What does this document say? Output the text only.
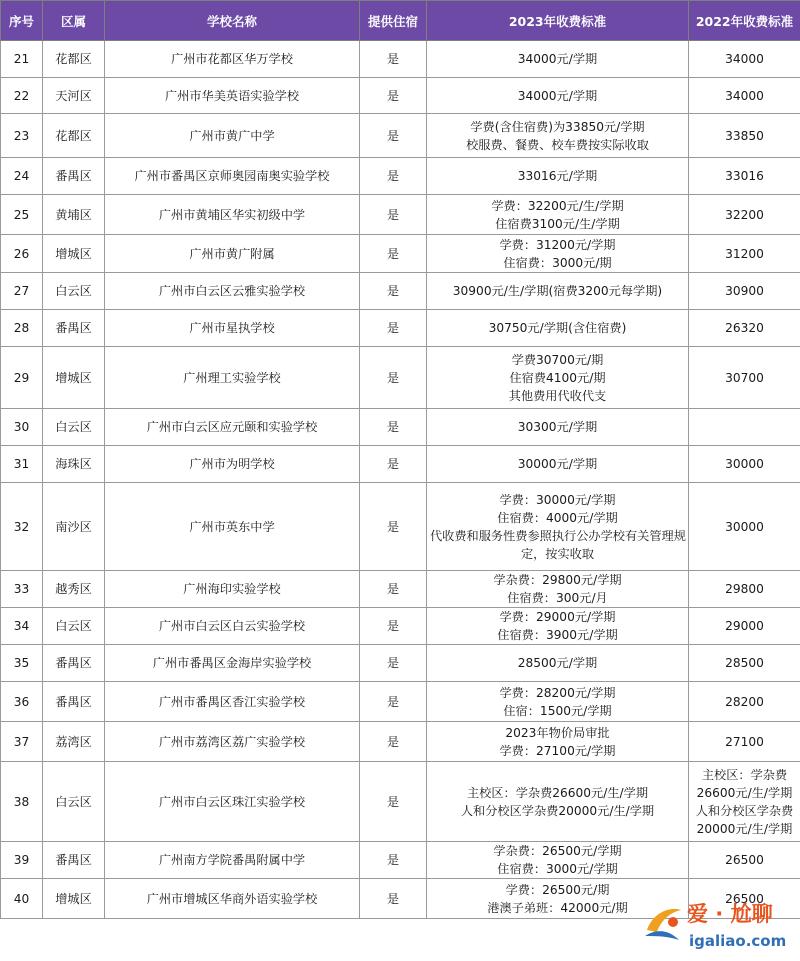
序号	区属	学校名称	提供住宿	2023年收费标准	2022年收费标准
21	花都区	广州市花都区华万学校	是	34000元/学期	34000

22	天河区	广州市华美英语实验学校	是	34000元/学期	34000

23	花都区	广州市黄广中学	是	学费(含住宿费)为33850元/学期
校服费、餐费、校车费按实际收取	33850

24	番禺区	广州市番禺区京师奥园南奥实验学校	是	33016元/学期	33016

25	黄埔区	广州市黄埔区华实初级中学	是	学费：32200元/生/学期
住宿费3100元/生/学期	32200

26	增城区	广州市黄广附属	是	学费：31200元/学期
住宿费：3000元/期	31200

27	白云区	广州市白云区云雅实验学校	是	30900元/生/学期(宿费3200元每学期)	30900

28	番禺区	广州市星执学校	是	30750元/学期(含住宿费)	26320

29	增城区	广州理工实验学校	是	学费30700元/期
住宿费4100元/期
其他费用代收代支	30700

30	白云区	广州市白云区应元颐和实验学校	是	30300元/学期	

31	海珠区	广州市为明学校	是	30000元/学期	30000

32	南沙区	广州市英东中学	是	学费：30000元/学期
住宿费：4000元/学期
代收费和服务性费参照执行公办学校有关管理规
定，按实收取	30000

33	越秀区	广州海印实验学校	是	学杂费：29800元/学期
住宿费：300元/月	29800

34	白云区	广州市白云区白云实验学校	是	学费：29000元/学期
住宿费：3900元/学期	29000

35	番禺区	广州市番禺区金海岸实验学校	是	28500元/学期	28500

36	番禺区	广州市番禺区香江实验学校	是	学费：28200元/学期
住宿：1500元/学期	28200

37	荔湾区	广州市荔湾区荔广实验学校	是	2023年物价局审批
学费：27100元/学期	27100

38	白云区	广州市白云区珠江实验学校	是	主校区：学杂费26600元/生/学期
人和分校区学杂费20000元/生/学期	主校区：学杂费
26600元/生/学期
人和分校区学杂费
20000元/生/学期

39	番禺区	广州南方学院番禺附属中学	是	学杂费：26500元/学期
住宿费：3000元/学期	26500

40	增城区	广州市增城区华商外语实验学校	是	学费：26500元/期
港澳子弟班：42000元/期	26500
爱 · 尬聊
igaliao.com
